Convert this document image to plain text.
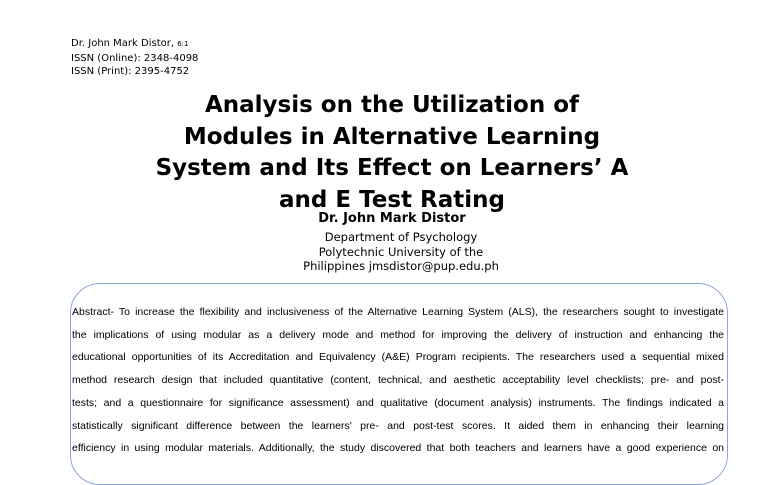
Dr. John Mark Distor, 6:1
ISSN (Online): 2348-4098
ISSN (Print): 2395-4752
Analysis on the Utilization of
Modules in Alternative Learning
System and Its Effect on Learners’ A
and E Test Rating
Dr. John Mark Distor
Department of Psychology
Polytechnic University of the
Philippines jmsdistor@pup.edu.ph
Abstract- To increase the flexibility and inclusiveness of the Alternative Learning System (ALS), the researchers sought to investigate
the implications of using modular as a delivery mode and method for improving the delivery of instruction and enhancing the
educational opportunities of its Accreditation and Equivalency (A&E) Program recipients. The researchers used a sequential mixed
method research design that included quantitative (content, technical, and aesthetic acceptability level checklists; pre- and post-
tests; and a questionnaire for significance assessment) and qualitative (document analysis) instruments. The findings indicated a
statistically significant difference between the learners' pre- and post-test scores. It aided them in enhancing their learning
efficiency in using modular materials. Additionally, the study discovered that both teachers and learners have a good experience on
